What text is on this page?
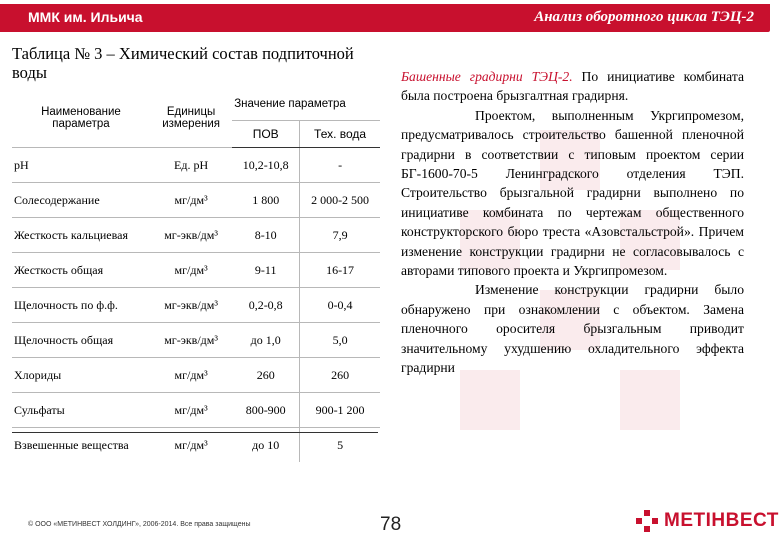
ММК им. Ильича	Анализ оборотного цикла ТЭЦ-2
Таблица № 3 – Химический состав подпиточной воды
Наименование параметра	Единицы измерения	Значение параметра	
		ПОВ	Тех. вода
pH	Ед. pH	10,2-10,8	-
Солесодержание	мг/дм³	1 800	2 000-2 500
Жесткость кальциевая	мг-экв/дм³	8-10	7,9
Жесткость общая	мг/дм³	9-11	16-17
Щелочность по ф.ф.	мг-экв/дм³	0,2-0,8	0-0,4
Щелочность общая	мг-экв/дм³	до 1,0	5,0
Хлориды	мг/дм³	260	260
Сульфаты	мг/дм³	800-900	900-1 200
Взвешенные вещества	мг/дм³	до 10	5
Башенные градирни ТЭЦ-2. По инициативе комбината была построена брызгалтная градирня.
Проектом, выполненным Укргипромезом, предусматривалось строительство башенной пленочной градирни в соответствии с типовым проектом серии БГ-1600-70-5 Ленинградского отделения ТЭП. Строительство брызгальной градирни выполнено по инициативе комбината по чертежам общественного конструкторского бюро треста «Азовстальстрой». Причем изменение конструкции градирни не согласовывалось с авторами типового проекта и Укргипромезом.
Изменение конструкции градирни было обнаружено при ознакомлении с объектом. Замена пленочного оросителя брызгальным приводит значительному ухудшению охладительного эффекта градирни
© ООО «МЕТИНВЕСТ ХОЛДИНГ», 2006-2014. Все права защищены	78	МЕТІНВЕСТ
